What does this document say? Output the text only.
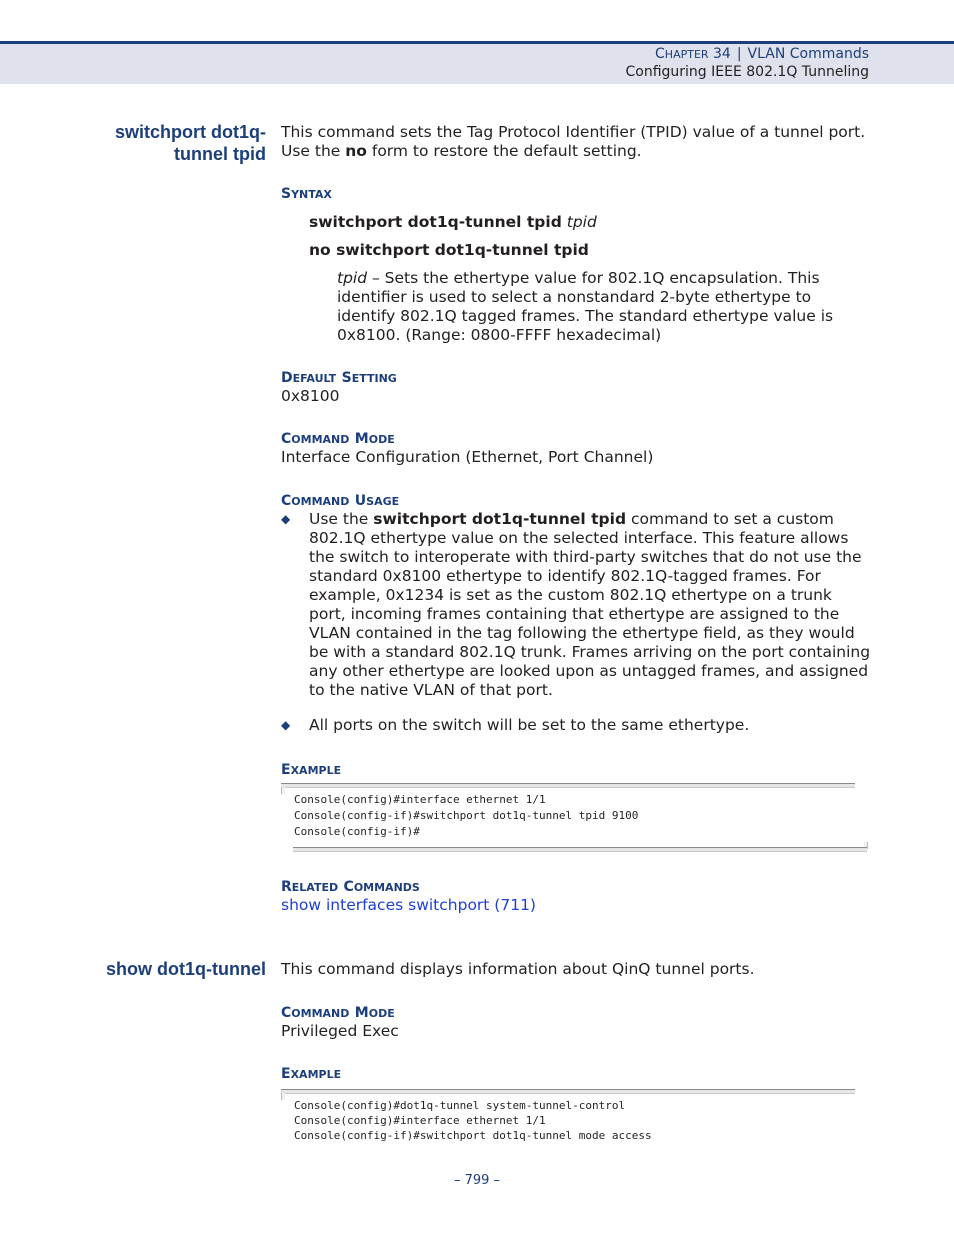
CHAPTER 34 | VLAN Commands
Configuring IEEE 802.1Q Tunneling
switchport dot1q-
tunnel tpid
This command sets the Tag Protocol Identifier (TPID) value of a tunnel port. Use the no form to restore the default setting.
SYNTAX
switchport dot1q-tunnel tpid tpid
no switchport dot1q-tunnel tpid
tpid – Sets the ethertype value for 802.1Q encapsulation. This identifier is used to select a nonstandard 2-byte ethertype to identify 802.1Q tagged frames. The standard ethertype value is 0x8100. (Range: 0800-FFFF hexadecimal)
DEFAULT SETTING
0x8100
COMMAND MODE
Interface Configuration (Ethernet, Port Channel)
COMMAND USAGE
◆ Use the switchport dot1q-tunnel tpid command to set a custom 802.1Q ethertype value on the selected interface. This feature allows the switch to interoperate with third-party switches that do not use the standard 0x8100 ethertype to identify 802.1Q-tagged frames. For example, 0x1234 is set as the custom 802.1Q ethertype on a trunk port, incoming frames containing that ethertype are assigned to the VLAN contained in the tag following the ethertype field, as they would be with a standard 802.1Q trunk. Frames arriving on the port containing any other ethertype are looked upon as untagged frames, and assigned to the native VLAN of that port.
◆ All ports on the switch will be set to the same ethertype.
EXAMPLE
Console(config)#interface ethernet 1/1
Console(config-if)#switchport dot1q-tunnel tpid 9100
Console(config-if)#
RELATED COMMANDS
show interfaces switchport (711)
show dot1q-tunnel This command displays information about QinQ tunnel ports.
COMMAND MODE
Privileged Exec
EXAMPLE
Console(config)#dot1q-tunnel system-tunnel-control
Console(config)#interface ethernet 1/1
Console(config-if)#switchport dot1q-tunnel mode access
– 799 –
